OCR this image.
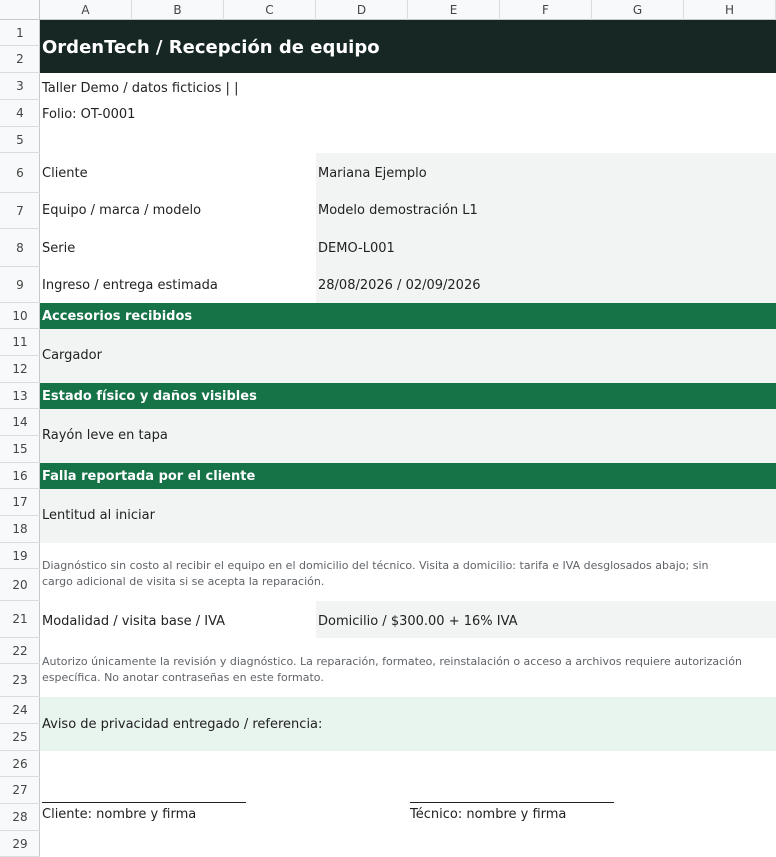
A	B	C	D	E	F	G	H
1
2
3
4
5
6
7
8
9
10
11
12
13
14
15
16
17
18
19
20
21
22
23
24
25
26
27
28
29
OrdenTech / Recepción de equipo
Taller Demo / datos ficticios | |
Folio: OT-0001
Cliente	Mariana Ejemplo
Equipo / marca / modelo	Modelo demostración L1
Serie	DEMO-L001
Ingreso / entrega estimada	28/08/2026 / 02/09/2026
Accesorios recibidos
Cargador
Estado físico y daños visibles
Rayón leve en tapa
Falla reportada por el cliente
Lentitud al iniciar
Diagnóstico sin costo al recibir el equipo en el domicilio del técnico. Visita a domicilio: tarifa e IVA desglosados abajo; sin cargo adicional de visita si se acepta la reparación.
Modalidad / visita base / IVA	Domicilio / $300.00 + 16% IVA
Autorizo únicamente la revisión y diagnóstico. La reparación, formateo, reinstalación o acceso a archivos requiere autorización específica. No anotar contraseñas en este formato.
Aviso de privacidad entregado / referencia:
Cliente: nombre y firma	Técnico: nombre y firma
